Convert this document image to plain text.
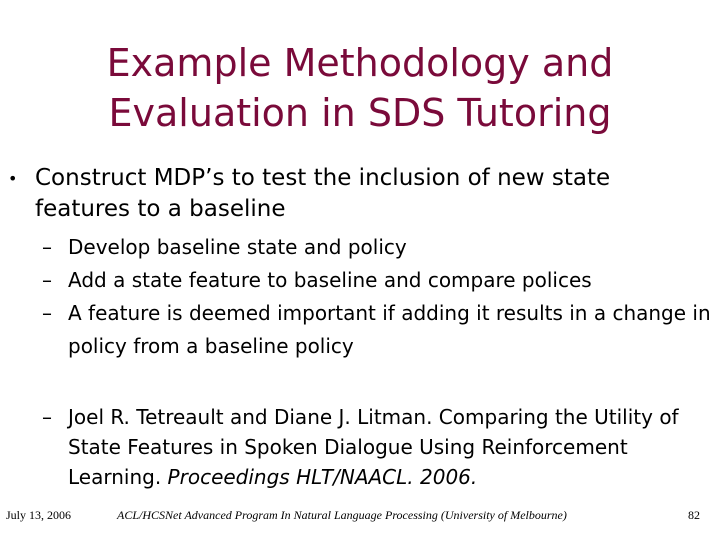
Example Methodology and
Evaluation in SDS Tutoring
• Construct MDP’s to test the inclusion of new state features to a baseline
– Develop baseline state and policy
– Add a state feature to baseline and compare polices
– A feature is deemed important if adding it results in a change in policy from a baseline policy
– Joel R. Tetreault and Diane J. Litman. Comparing the Utility of State Features in Spoken Dialogue Using Reinforcement Learning. Proceedings HLT/NAACL. 2006.
July 13, 2006	ACL/HCSNet Advanced Program In Natural Language Processing (University of Melbourne)	82
